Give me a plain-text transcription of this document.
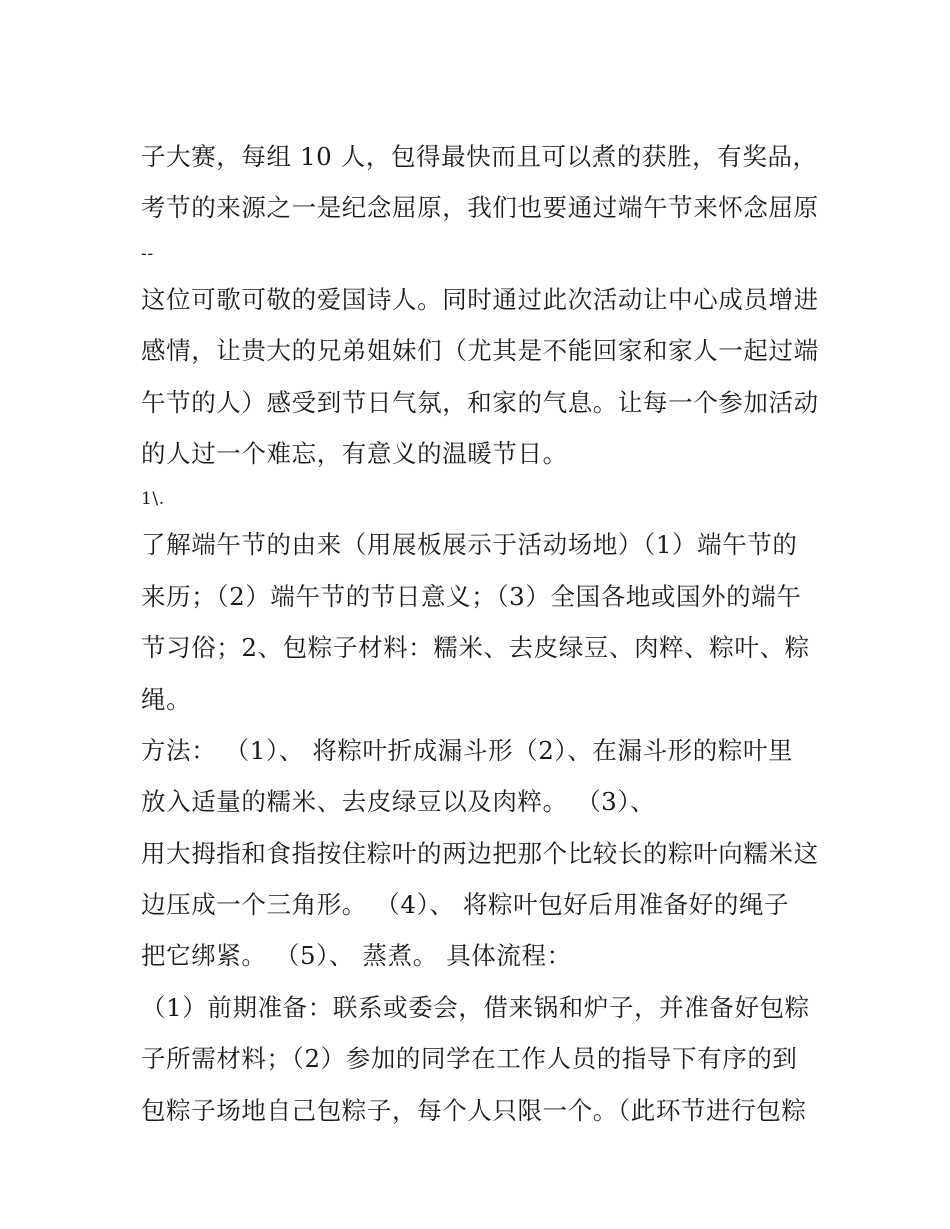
子大赛，每组 10 人，包得最快而且可以煮的获胜，有奖品，
考节的来源之一是纪念屈原，我们也要通过端午节来怀念屈原
--
这位可歌可敬的爱国诗人。同时通过此次活动让中心成员增进
感情，让贵大的兄弟姐妹们（尤其是不能回家和家人一起过端
午节的人）感受到节日气氛，和家的气息。让每一个参加活动
的人过一个难忘，有意义的温暖节日。
1\.
了解端午节的由来（用展板展示于活动场地）（1）端午节的
来历；（2）端午节的节日意义；（3）全国各地或国外的端午
节习俗；2、包粽子材料：糯米、去皮绿豆、肉粹、粽叶、粽
绳。
方法： （1）、 将粽叶折成漏斗形（2）、在漏斗形的粽叶里
放入适量的糯米、去皮绿豆以及肉粹。 （3）、
用大拇指和食指按住粽叶的两边把那个比较长的粽叶向糯米这
边压成一个三角形。 （4）、 将粽叶包好后用准备好的绳子
把它绑紧。 （5）、 蒸煮。 具体流程：
（1）前期准备：联系或委会，借来锅和炉子，并准备好包粽
子所需材料；（2）参加的同学在工作人员的指导下有序的到
包粽子场地自己包粽子，每个人只限一个。（此环节进行包粽
